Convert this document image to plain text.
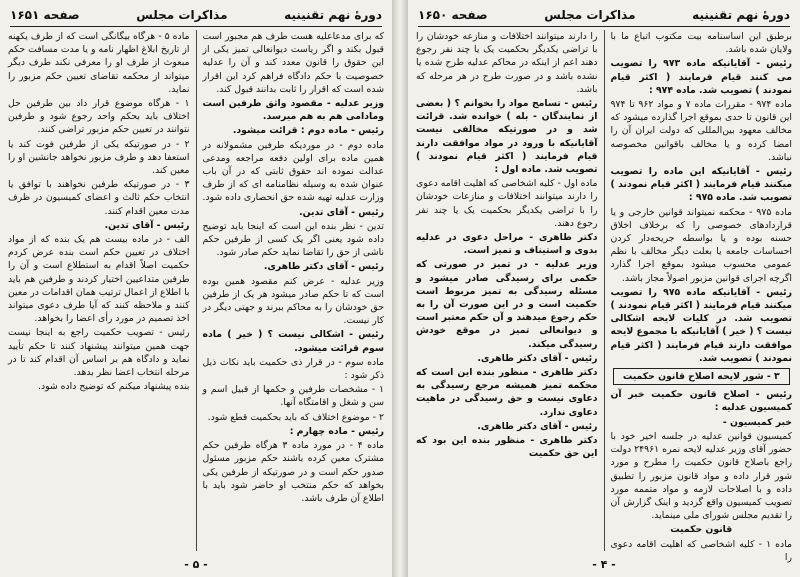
دورهٔ نهم تقنینیه
مذاکرات مجلس
صفحه ۱۶۵۱

که برای مدعاعلیه هست طرف هم مجبور است قبول بکند و اگر ریاست دیوانعالی تمیز یکی از این حقوق را قانون معدد کند و آن را عدلیه خصوصیت با حکم دادگاه فراهم کرد این اقرار شده است که اقرار را ثابت بدانند قبول کند.

وزیر عدلیه - مقصود واثق طرفین است ومادامی هم به هم میرسد.

رئیس - ماده دوم : قرائت میشود.

ماده دوم - در موردیکه طرفین مشمولانه در همین ماده برای اولین دفعه مراجعه ومدعی عدالت نموده اند حقوق ثابتی که در آن باب عنوان شده به وسیله نظامنامه ای که از طرف وزارت عدلیه تهیه شده حق انحصاری داده شود.

رئیس - آقای تدین.

تدین - نظر بنده این است که اینجا باید توضیح داده شود یعنی اگر یک کسی از طرفین حکم ناشی از حق را تقاضا نماید حکم صادر شود.

رئیس - آقای دکتر طاهری.

وزیر عدلیه - عرض کنم مقصود همین بوده است که تا حکم صادر میشود هر یک از طرفین حق خودشان را به محاکم ببرند و جهتی دیگر در کار نیست.

رئیس - اشکالی نیست ؟ ( خیر ) ماده سوم قرائت میشود.

ماده سوم - در قرار ذی حکمیت باید نکات ذیل ذکر شود :

۱ - مشخصات طرفین و حکمها از قبیل اسم و سن و شغل و اقامتگاه آنها.

۲ - موضوع اختلاف که باید بحکمیت قطع شود.

رئیس - ماده چهارم :

ماده ۴ - در مورد ماده ۳ هرگاه طرفین حکم مشترک معین کرده باشند حکم مزبور مسئول صدور حکم است و در صورتیکه از طرفین یکی بخواهد که حکم منتخب او حاضر شود باید با اطلاع آن طرف باشد.

ماده ۵ - هرگاه بیگانگی است که از طرف یکهنه از تاریخ ابلاغ اظهار نامه و یا مدت مسافت حکم مبعوث از طرف او را معرفی نکند طرف دیگر میتواند از محکمه تقاضای تعیین حکم مزبور را نماید.

۱ - هرگاه موضوع قرار داد بین طرفین حل اختلاف باید بحکم واحد رجوع شود و طرفین نتوانند در تعیین حکم مزبور تراضی کنند.

۲ - در صورتیکه یکی از طرفین فوت کند یا استعفا دهد و طرف مزبور نخواهد جانشین او را معین کند.

۳ - در صورتیکه طرفین نخواهند با توافق یا انتخاب حکم ثالث و اعضای کمیسیون در ظرف مدت معین اقدام کنند.

رئیس - آقای تدین.

الف - در ماده بیست هم یک بنده که از مواد اختلاف در تعیین حکم است بنده عرض کردم حکمیت اصلاً اقدام به استطلاع است و آن را طرفین متداعیین اختیار کردند و طرفین هم باید با اطلاع از اعمال ترتیب همان اقدامات در معین کنند و ملاحظه کنند که آیا طرف دعوی میتواند اخذ تصمیم در مورد رأی اعضا را بخواهد.

رئیس - تصویب حکمیت راجع به اینجا نیست جهت همین میتوانند پیشنهاد کنند تا حکم تأیید نماید و دادگاه هم بر اساس آن اقدام کند تا در مرحله انتخاب اعضا نظر بدهد.

بنده پیشنهاد میکنم که توضیح داده شود.

- ۵ -
دورهٔ نهم تقنینیه
مذاکرات مجلس
صفحه ۱۶۵۰

برطبق این اساسنامه بیت مکتوب اتباع ما با ولایان شده باشد.

رئیس - آقایانیکه ماده ۹۷۳ را تصویب می کنند قیام فرمایند ( اکثر قیام نمودند ) تصویب شد. ماده ۹۷۴ :

ماده ۹۷۴ - مقررات ماده ۷ و مواد ۹۶۲ تا ۹۷۴ این قانون تا حدی بموقع اجرا گذارده میشود که مخالف معهود بین‌المللی که دولت ایران آن را امضا کرده و یا مخالف باقوانین مخصوصه نباشد.

رئیس - آقایانیکه این ماده را تصویب میکنند قیام فرمایند ( اکثر قیام نمودند ) تصویب شد. ماده ۹۷۵ :

ماده ۹۷۵ - محکمه نمیتواند قوانین خارجی و یا قراردادهای خصوصی را که برخلاف اخلاق حسنه بوده و یا بواسطه جریحه‌دار کردن احساسات جامعه یا بعلت دیگر مخالف با نظم عمومی محسوب میشود بموقع اجرا گذارد اگرچه اجرای قوانین مزبور اصولاً مجاز باشد.

رئیس - آقایانیکه ماده ۹۷۵ را تصویب میکنند قیام فرمایند ( اکثر قیام نمودند ) تصویب شد. در کلیات لایحه اشکالی نیست ؟ ( خیر ) آقایانیکه با مجموع لایحه موافقت دارند قیام فرمایند ( اکثر قیام نمودند ) تصویب شد.

۳ - شور لایحه اصلاح قانون حکمیت

رئیس - اصلاح قانون حکمیت خبر آن کمیسیون عدلیه :

خبر کمیسیون -

کمیسیون قوانین عدلیه در جلسه اخیر خود با حضور آقای وزیر عدلیه لایحه نمره ۲۴۹۶۱ دولت راجع باصلاح قانون حکمیت را مطرح و مورد شور قرار داده و مواد قانون مزبور را تطبیق داده و با اصلاحات لازمه و مواد متممه مورد تصویب کمیسیون واقع گردید و اینک گزارش آن را تقدیم مجلس شورای ملی مینماید.

قانون حکمیت

ماده ۱ - کلیه اشخاصی که اهلیت اقامه دعوی را

را دارند میتوانند اختلافات و منازعه خودشان را با تراضی یکدیگر بحکمیت یک یا چند نفر رجوع دهند اعم از اینکه در محاکم عدلیه طرح شده یا نشده باشد و در صورت طرح در هر مرحله که باشد.

رئیس - تسامح مواد را بخوانم ؟ ( بعضی از نمایندگان - بله ) خوانده شد. قرائت شد و در صورتیکه مخالفی نیست آقایانیکه با ورود در مواد موافقت دارند قیام فرمایند ( اکثر قیام نمودند ) تصویب شد. ماده اول :

ماده اول - کلیه اشخاصی که اهلیت اقامه دعوی را دارند میتوانند اختلافات و منازعات خودشان را با تراضی یکدیگر بحکمیت یک یا چند نفر رجوع دهند.

دکتر طاهری - مراحل دعوی در عدلیه بدوی و استیناف و تمیز است.

وزیر عدلیه - در تمیز در صورتی که حکمی برای رسیدگی صادر میشود و مسئله رسیدگی به تمیز مربوط است حکمیت است و در این صورت آن را به حکم رجوع میدهند و آن حکم معتبر است و دیوانعالی تمیز در موقع خودش رسیدگی میکند.

رئیس - آقای دکتر طاهری.

دکتر طاهری - منظور بنده این است که محکمه تمیز همیشه مرجع رسیدگی به دعاوی نیست و حق رسیدگی در ماهیت دعاوی ندارد.

رئیس - آقای دکتر طاهری.

دکتر طاهری - منظور بنده این بود که این حق حکمیت

- ۴ -
